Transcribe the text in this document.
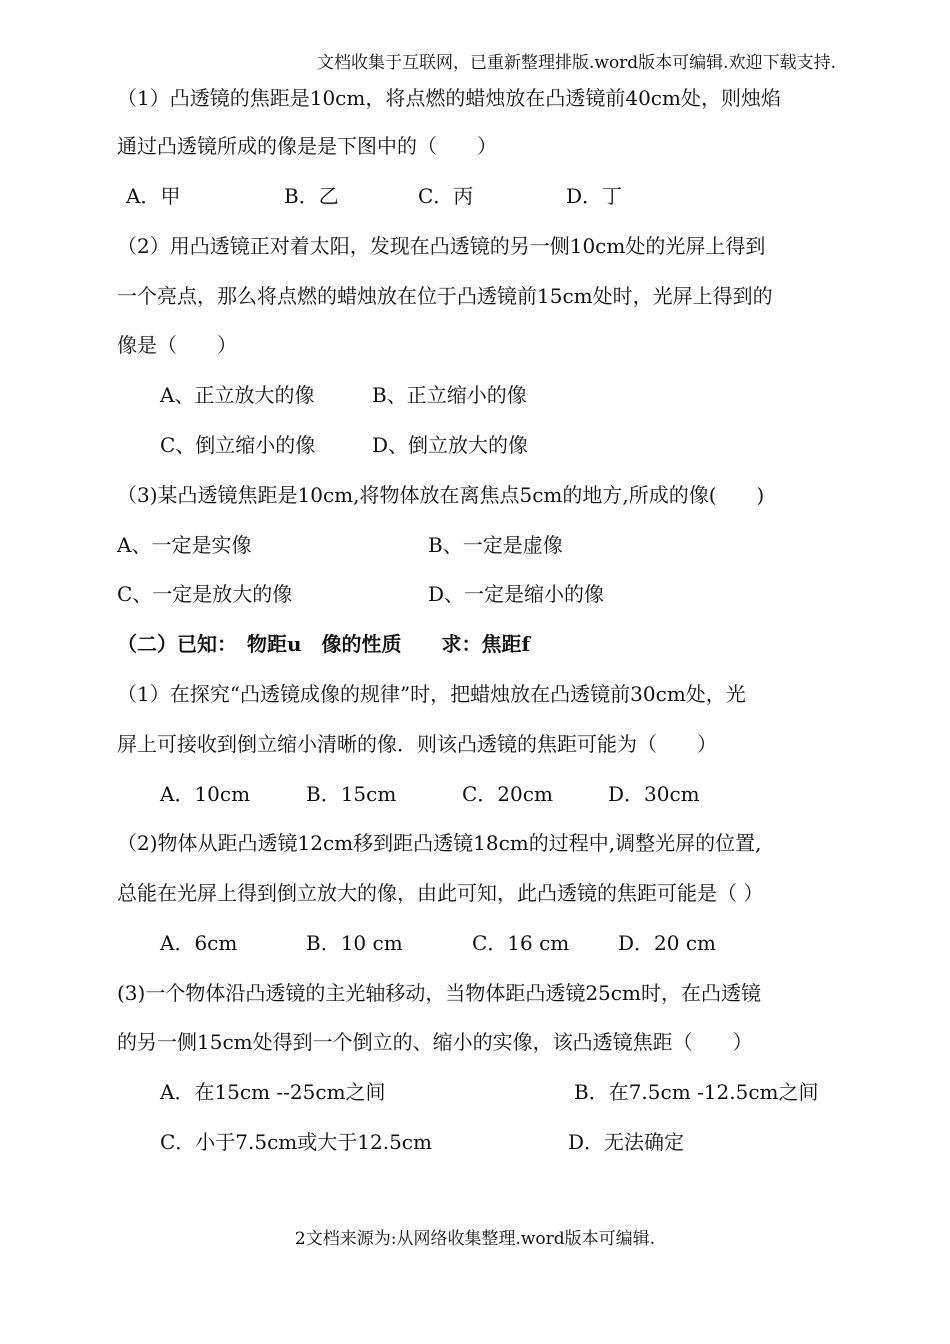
文档收集于互联网，已重新整理排版.word版本可编辑.欢迎下载支持.
（1）凸透镜的焦距是10cm，将点燃的蜡烛放在凸透镜前40cm处，则烛焰
通过凸透镜所成的像是是下图中的（　　）
A．甲	B．乙	C．丙	D．丁
（2）用凸透镜正对着太阳，发现在凸透镜的另一侧10cm处的光屏上得到
一个亮点，那么将点燃的蜡烛放在位于凸透镜前15cm处时，光屏上得到的
像是（　　）
A、正立放大的像	B、正立缩小的像
C、倒立缩小的像	D、倒立放大的像
（3)某凸透镜焦距是10cm,将物体放在离焦点5cm的地方,所成的像(　　)
A、一定是实像	B、一定是虚像
C、一定是放大的像	D、一定是缩小的像
（二）已知：　物距u　像的性质　　求：焦距f
（1）在探究“凸透镜成像的规律”时，把蜡烛放在凸透镜前30cm处，光
屏上可接收到倒立缩小清晰的像．则该凸透镜的焦距可能为（　　）
A．10cm	B．15cm	C．20cm	D．30cm
（2)物体从距凸透镜12cm移到距凸透镜18cm的过程中,调整光屏的位置,
总能在光屏上得到倒立放大的像，由此可知，此凸透镜的焦距可能是（ ）
A．6cm	B．10 cm	C．16 cm D．20 cm
(3)一个物体沿凸透镜的主光轴移动，当物体距凸透镜25cm时，在凸透镜
的另一侧15cm处得到一个倒立的、缩小的实像，该凸透镜焦距（　　）
A．在15cm --25cm之间	B．在7.5cm -12.5cm之间
C．小于7.5cm或大于12.5cm	D．无法确定
2文档来源为:从网络收集整理.word版本可编辑.
